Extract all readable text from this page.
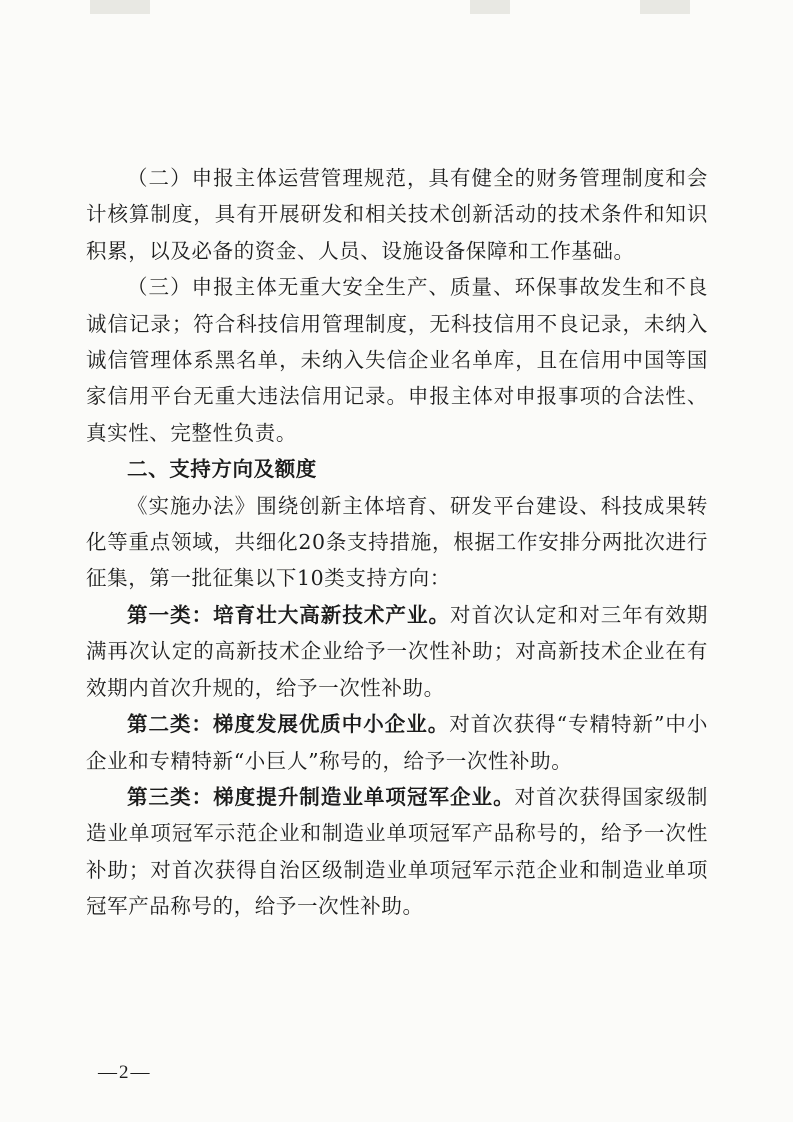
（二）申报主体运营管理规范，具有健全的财务管理制度和会计核算制度，具有开展研发和相关技术创新活动的技术条件和知识积累，以及必备的资金、人员、设施设备保障和工作基础。

（三）申报主体无重大安全生产、质量、环保事故发生和不良诚信记录；符合科技信用管理制度，无科技信用不良记录，未纳入诚信管理体系黑名单，未纳入失信企业名单库，且在信用中国等国家信用平台无重大违法信用记录。申报主体对申报事项的合法性、真实性、完整性负责。

二、支持方向及额度

《实施办法》围绕创新主体培育、研发平台建设、科技成果转化等重点领域，共细化20条支持措施，根据工作安排分两批次进行征集，第一批征集以下10类支持方向：

第一类：培育壮大高新技术产业。对首次认定和对三年有效期满再次认定的高新技术企业给予一次性补助；对高新技术企业在有效期内首次升规的，给予一次性补助。

第二类：梯度发展优质中小企业。对首次获得“专精特新”中小企业和专精特新“小巨人”称号的，给予一次性补助。

第三类：梯度提升制造业单项冠军企业。对首次获得国家级制造业单项冠军示范企业和制造业单项冠军产品称号的，给予一次性补助；对首次获得自治区级制造业单项冠军示范企业和制造业单项冠军产品称号的，给予一次性补助。

—2—
